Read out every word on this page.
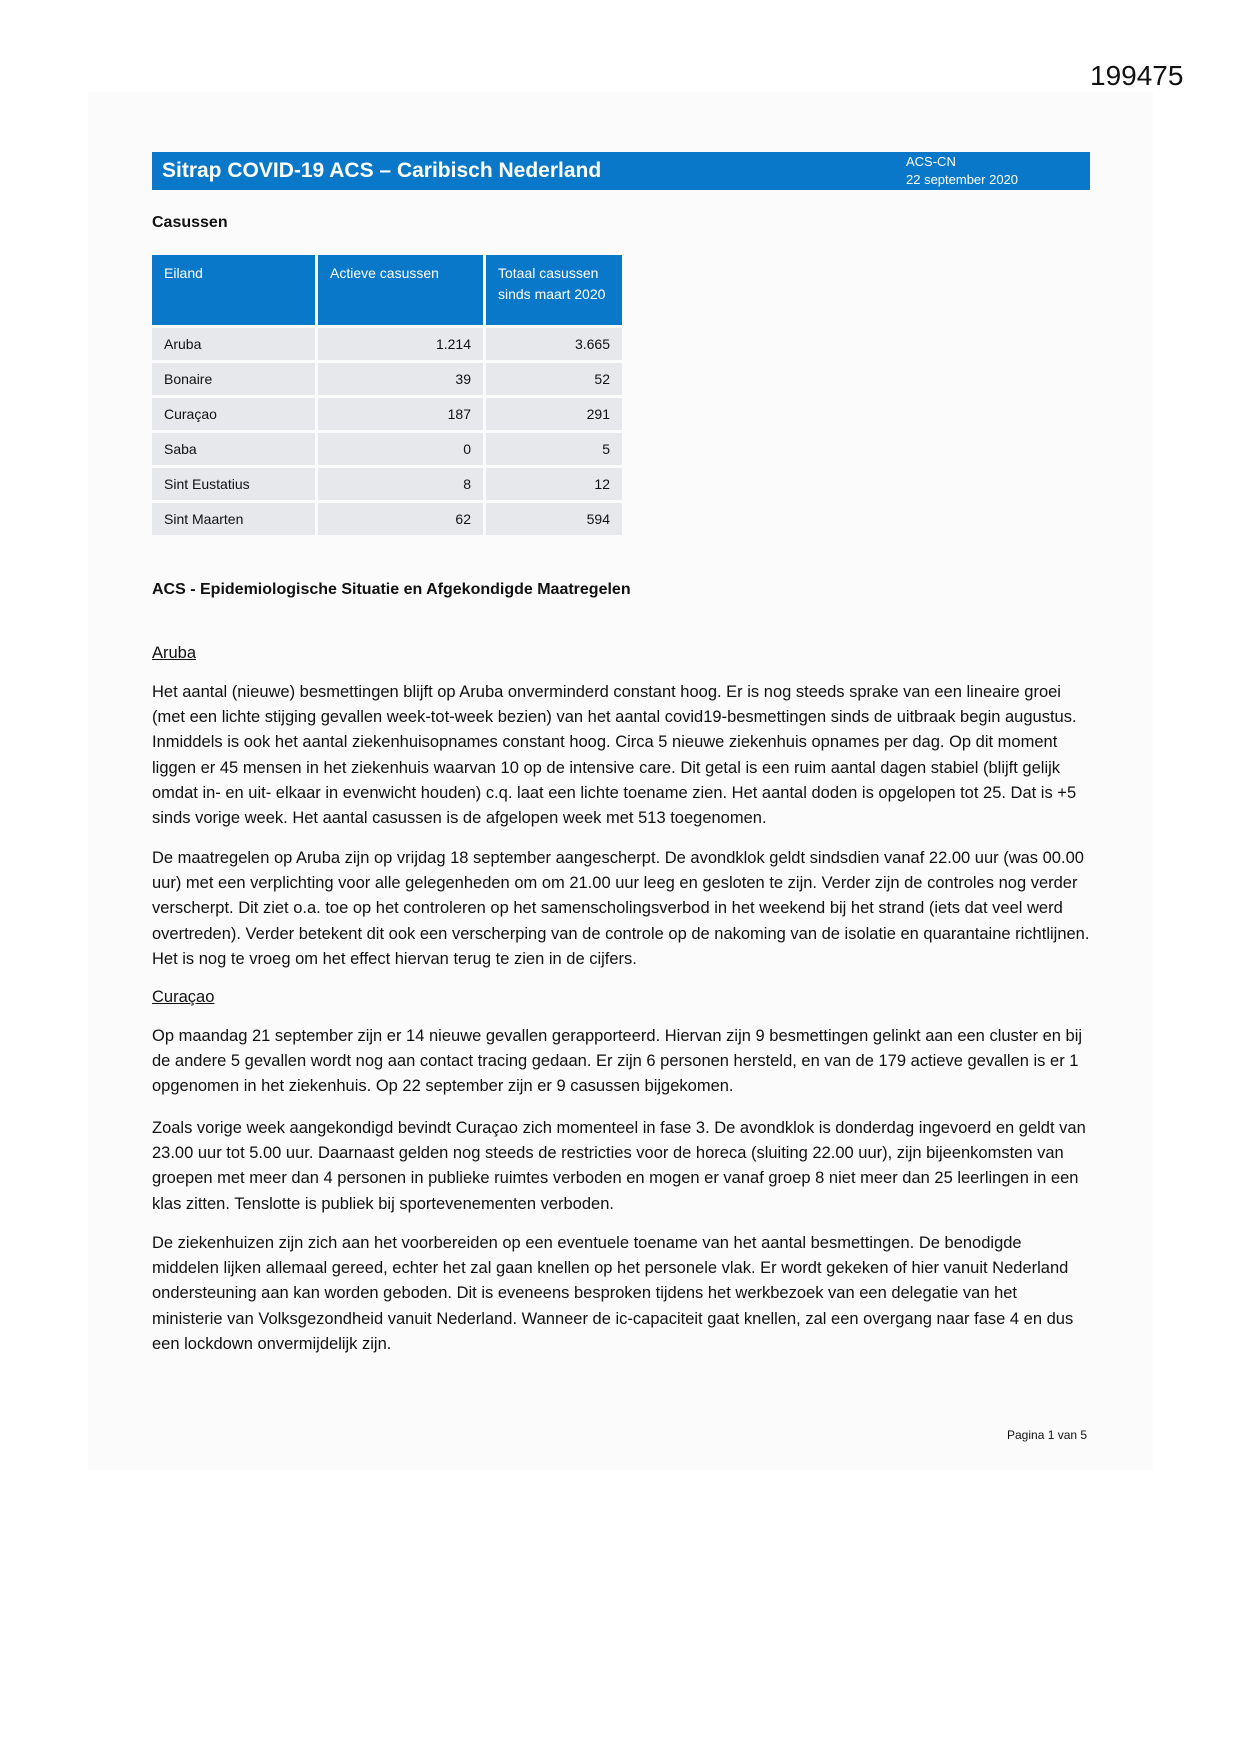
199475
Sitrap COVID-19 ACS – Caribisch Nederland	ACS-CN
22 september 2020
Casussen
Eiland	Actieve casussen	Totaal casussen sinds maart 2020
Aruba	1.214	3.665
Bonaire	39	52
Curaçao	187	291
Saba	0	5
Sint Eustatius	8	12
Sint Maarten	62	594
ACS - Epidemiologische Situatie en Afgekondigde Maatregelen

Aruba

Het aantal (nieuwe) besmettingen blijft op Aruba onverminderd constant hoog. Er is nog steeds sprake van een lineaire groei (met een lichte stijging gevallen week-tot-week bezien) van het aantal covid19-besmettingen sinds de uitbraak begin augustus. Inmiddels is ook het aantal ziekenhuisopnames constant hoog. Circa 5 nieuwe ziekenhuis opnames per dag. Op dit moment liggen er 45 mensen in het ziekenhuis waarvan 10 op de intensive care. Dit getal is een ruim aantal dagen stabiel (blijft gelijk omdat in- en uit- elkaar in evenwicht houden) c.q. laat een lichte toename zien. Het aantal doden is opgelopen tot 25. Dat is +5 sinds vorige week. Het aantal casussen is de afgelopen week met 513 toegenomen.

De maatregelen op Aruba zijn op vrijdag 18 september aangescherpt. De avondklok geldt sindsdien vanaf 22.00 uur (was 00.00 uur) met een verplichting voor alle gelegenheden om om 21.00 uur leeg en gesloten te zijn. Verder zijn de controles nog verder verscherpt. Dit ziet o.a. toe op het controleren op het samenscholingsverbod in het weekend bij het strand (iets dat veel werd overtreden). Verder betekent dit ook een verscherping van de controle op de nakoming van de isolatie en quarantaine richtlijnen. Het is nog te vroeg om het effect hiervan terug te zien in de cijfers.

Curaçao

Op maandag 21 september zijn er 14 nieuwe gevallen gerapporteerd. Hiervan zijn 9 besmettingen gelinkt aan een cluster en bij de andere 5 gevallen wordt nog aan contact tracing gedaan. Er zijn 6 personen hersteld, en van de 179 actieve gevallen is er 1 opgenomen in het ziekenhuis. Op 22 september zijn er 9 casussen bijgekomen.

Zoals vorige week aangekondigd bevindt Curaçao zich momenteel in fase 3. De avondklok is donderdag ingevoerd en geldt van 23.00 uur tot 5.00 uur. Daarnaast gelden nog steeds de restricties voor de horeca (sluiting 22.00 uur), zijn bijeenkomsten van groepen met meer dan 4 personen in publieke ruimtes verboden en mogen er vanaf groep 8 niet meer dan 25 leerlingen in een klas zitten. Tenslotte is publiek bij sportevenementen verboden.

De ziekenhuizen zijn zich aan het voorbereiden op een eventuele toename van het aantal besmettingen. De benodigde middelen lijken allemaal gereed, echter het zal gaan knellen op het personele vlak. Er wordt gekeken of hier vanuit Nederland ondersteuning aan kan worden geboden. Dit is eveneens besproken tijdens het werkbezoek van een delegatie van het ministerie van Volksgezondheid vanuit Nederland. Wanneer de ic-capaciteit gaat knellen, zal een overgang naar fase 4 en dus een lockdown onvermijdelijk zijn.

Pagina 1 van 5
